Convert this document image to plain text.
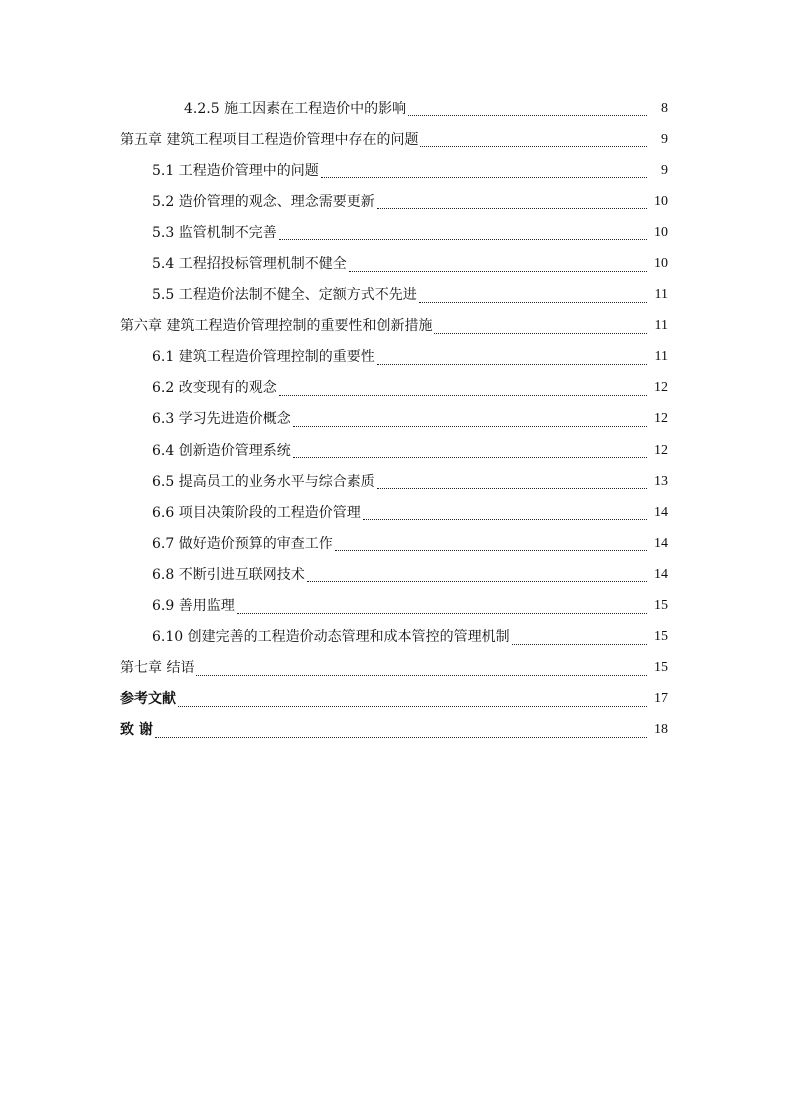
4.2.5 施工因素在工程造价中的影响	8
第五章 建筑工程项目工程造价管理中存在的问题	9
5.1 工程造价管理中的问题	9
5.2 造价管理的观念、理念需要更新	10
5.3 监管机制不完善	10
5.4 工程招投标管理机制不健全	10
5.5 工程造价法制不健全、定额方式不先进	11
第六章 建筑工程造价管理控制的重要性和创新措施	11
6.1 建筑工程造价管理控制的重要性	11
6.2 改变现有的观念	12
6.3 学习先进造价概念	12
6.4 创新造价管理系统	12
6.5 提高员工的业务水平与综合素质	13
6.6 项目决策阶段的工程造价管理	14
6.7 做好造价预算的审查工作	14
6.8 不断引进互联网技术	14
6.9 善用监理	15
6.10 创建完善的工程造价动态管理和成本管控的管理机制	15
第七章 结语	15
参考文献	17
致 谢	18
